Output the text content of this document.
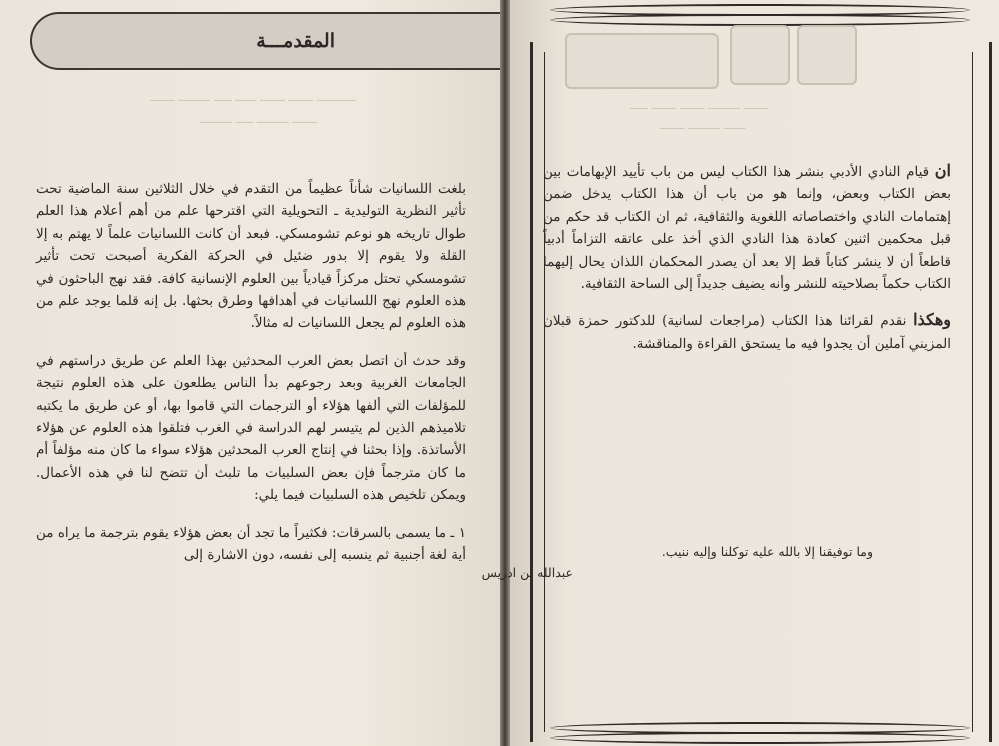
ـــــــــــ ـــــــ ـــــــ ــــــ ـــــ ـــــــــ ـــــــ
ـــــــ ـــــــــ ـــــ ـــــــــ
المقدمـــة

بلغت اللسانيات شأناً عظيماً من التقدم في خلال الثلاثين سنة الماضية تحت تأثير النظرية التوليدية ـ التحويلية التي اقترحها علم من أهم أعلام هذا العلم طوال تاريخه هو نوعم تشومسكي. فبعد أن كانت اللسانيات علماً لا يهتم به إلا القلة ولا يقوم إلا بدور ضئيل في الحركة الفكرية أصبحت تحت تأثير تشومسكي تحتل مركزاً قيادياً بين العلوم الإنسانية كافة. فقد نهج الباحثون في هذه العلوم نهج اللسانيات في أهدافها وطرق بحثها. بل إنه قلما يوجد علم من هذه العلوم لم يجعل اللسانيات له مثالاً.

وقد حدث أن اتصل بعض العرب المحدثين بهذا العلم عن طريق دراستهم في الجامعات الغربية وبعد رجوعهم بدأ الناس يطلعون على هذه العلوم نتيجة للمؤلفات التي ألفها هؤلاء أو الترجمات التي قاموا بها، أو عن طريق ما يكتبه تلاميذهم الذين لم يتيسر لهم الدراسة في الغرب فتلقوا هذه العلوم عن هؤلاء الأساتذة. وإذا بحثنا في إنتاج العرب المحدثين هؤلاء سواء ما كان منه مؤلفاً أم ما كان مترجماً فإن بعض السلبيات ما تلبث أن تتضح لنا في هذه الأعمال. ويمكن تلخيص هذه السلبيات فيما يلي:

١ ـ ما يسمى بالسرقات: فكثيراً ما تجد أن بعض هؤلاء يقوم بترجمة ما يراه من أية لغة أجنبية ثم ينسبه إلى نفسه، دون الاشارة إلى

ـــــــ ـــــــــ ـــــــ ـــــــ ـــــ
ــــــ ـــــــــ ـــــــ

ان قيام النادي الأدبي بنشر هذا الكتاب ليس من باب تأييد الإبهامات بين بعض الكتاب وبعض، وإنما هو من باب أن هذا الكتاب يدخل ضمن إهتمامات النادي واختصاصاته اللغوية والثقافية، ثم ان الكتاب قد حكم من قبل محكمين اثنين كعادة هذا النادي الذي أخذ على عاتقه التزاماً أدبياً قاطعاً أن لا ينشر كتاباً قط إلا بعد أن يصدر المحكمان اللذان يحال إليهما الكتاب حكماً بصلاحيته للنشر وأنه يضيف جديداً إلى الساحة الثقافية.

وهكذا نقدم لقرائنا هذا الكتاب (مراجعات لسانية) للدكتور حمزة قبلان المزيني آملين أن يجدوا فيه ما يستحق القراءة والمناقشة.

وما توفيقنا إلا بالله عليه توكلنا وإليه ننيب.
عبدالله بن ادريس
